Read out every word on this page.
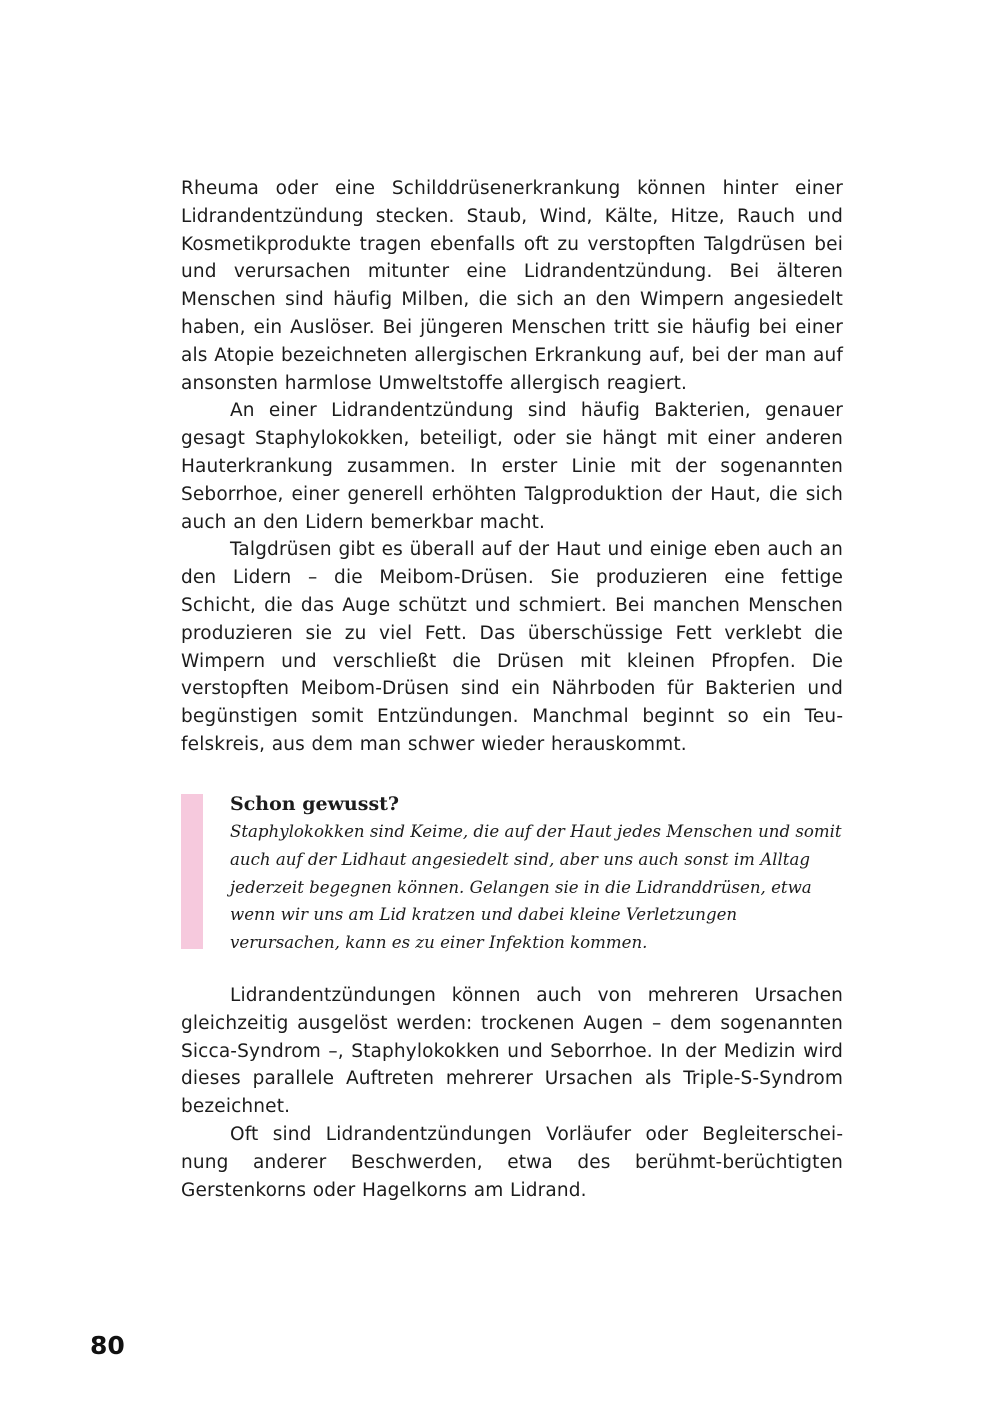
Rheuma oder eine Schilddrüsenerkrankung können hinter einer Lidrandentzündung stecken. Staub, Wind, Kälte, Hitze, Rauch und Kosmetikprodukte tragen ebenfalls oft zu verstopften Talgdrüsen bei und verursachen mitunter eine Lidrandentzündung. Bei älteren Menschen sind häufig Milben, die sich an den Wimpern angesiedelt haben, ein Auslöser. Bei jüngeren Menschen tritt sie häufig bei einer als Atopie bezeichneten allergischen Erkrankung auf, bei der man auf ansonsten harmlose Umweltstoffe allergisch reagiert.

An einer Lidrandentzündung sind häufig Bakterien, genauer gesagt Staphylokokken, beteiligt, oder sie hängt mit einer anderen Hauterkrankung zusammen. In erster Linie mit der sogenannten Seborrhoe, einer generell erhöhten Talgproduktion der Haut, die sich auch an den Lidern bemerkbar macht.

Talgdrüsen gibt es überall auf der Haut und einige eben auch an den Lidern – die Meibom-Drüsen. Sie produzieren eine fettige Schicht, die das Auge schützt und schmiert. Bei manchen Menschen produzieren sie zu viel Fett. Das überschüssige Fett verklebt die Wimpern und verschließt die Drüsen mit kleinen Pfropfen. Die verstopften Meibom-Drüsen sind ein Nährboden für Bakterien und begünstigen somit Entzündungen. Manchmal beginnt so ein Teufelskreis, aus dem man schwer wieder herauskommt.

Schon gewusst?

Staphylokokken sind Keime, die auf der Haut jedes Menschen und somit auch auf der Lidhaut angesiedelt sind, aber uns auch sonst im Alltag jederzeit begegnen können. Gelangen sie in die Lidranddrüsen, etwa wenn wir uns am Lid kratzen und dabei kleine Verletzungen verursachen, kann es zu einer Infektion kommen.

Lidrandentzündungen können auch von mehreren Ursachen gleichzeitig ausgelöst werden: trockenen Augen – dem sogenannten Sicca-Syndrom –, Staphylokokken und Seborrhoe. In der Medizin wird dieses parallele Auftreten mehrerer Ursachen als Triple-S-Syndrom bezeichnet.

Oft sind Lidrandentzündungen Vorläufer oder Begleiterscheinung anderer Beschwerden, etwa des berühmt-berüchtigten Gerstenkorns oder Hagelkorns am Lidrand.

80
